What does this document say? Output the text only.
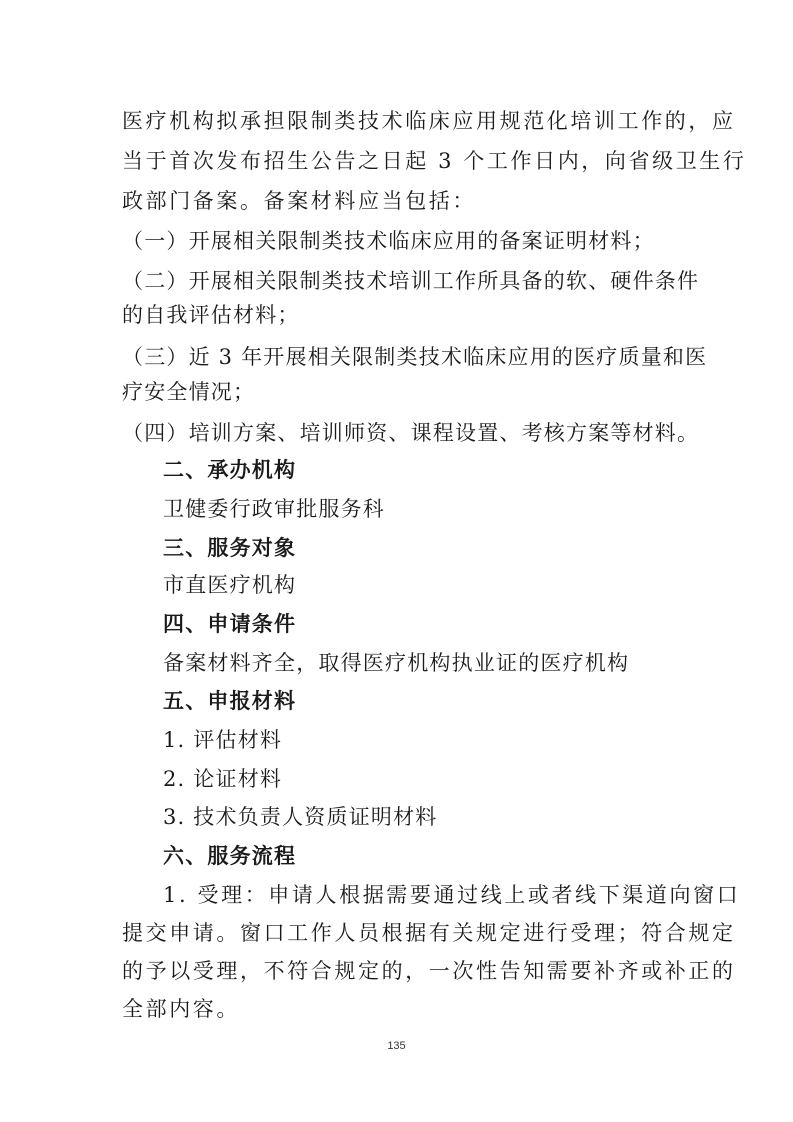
医疗机构拟承担限制类技术临床应用规范化培训工作的，应
当于首次发布招生公告之日起 3 个工作日内，向省级卫生行
政部门备案。备案材料应当包括：
（一）开展相关限制类技术临床应用的备案证明材料；
（二）开展相关限制类技术培训工作所具备的软、硬件条件
的自我评估材料；
（三）近 3 年开展相关限制类技术临床应用的医疗质量和医
疗安全情况；
（四）培训方案、培训师资、课程设置、考核方案等材料。
二、承办机构
卫健委行政审批服务科
三、服务对象
市直医疗机构
四、申请条件
备案材料齐全，取得医疗机构执业证的医疗机构
五、申报材料
1. 评估材料
2. 论证材料
3. 技术负责人资质证明材料
六、服务流程
1. 受理：申请人根据需要通过线上或者线下渠道向窗口
提交申请。窗口工作人员根据有关规定进行受理；符合规定
的予以受理，不符合规定的，一次性告知需要补齐或补正的
全部内容。
135
